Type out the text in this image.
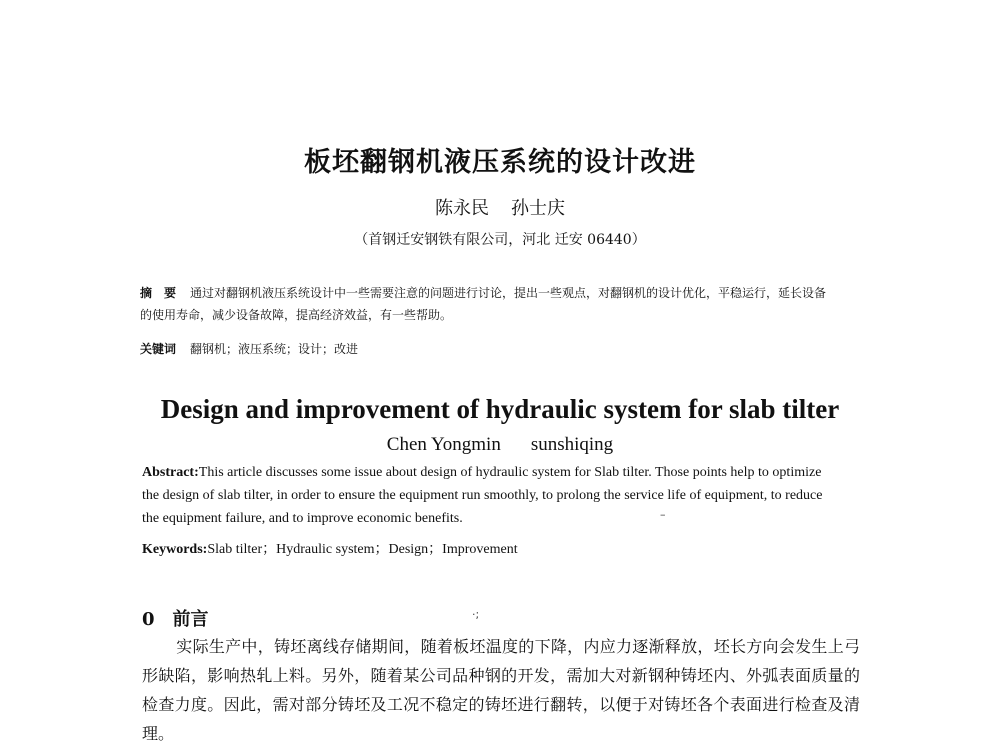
板坯翻钢机液压系统的设计改进
陈永民 孙士庆
（首钢迁安钢铁有限公司，河北 迁安 06440）
摘　要 通过对翻钢机液压系统设计中一些需要注意的问题进行讨论，提出一些观点，对翻钢机的设计优化，平稳运行，延长设备的使用寿命，减少设备故障，提高经济效益，有一些帮助。
关键词 翻钢机；液压系统；设计；改进
Design and improvement of hydraulic system for slab tilter
Chen Yongmin sunshiqing
Abstract:This article discusses some issue about design of hydraulic system for Slab tilter. Those points help to optimize the design of slab tilter, in order to ensure the equipment run smoothly, to prolong the service life of equipment, to reduce the equipment failure, and to improve economic benefits.	–
Keywords:Slab tilter；Hydraulic system；Design；Improvement
0 前言	·;

实际生产中，铸坯离线存储期间，随着板坯温度的下降，内应力逐渐释放，坯长方向会发生上弓形缺陷，影响热轧上料。另外，随着某公司品种钢的开发，需加大对新钢种铸坯内、外弧表面质量的检查力度。因此，需对部分铸坯及工况不稳定的铸坯进行翻转，以便于对铸坯各个表面进行检查及清理。
